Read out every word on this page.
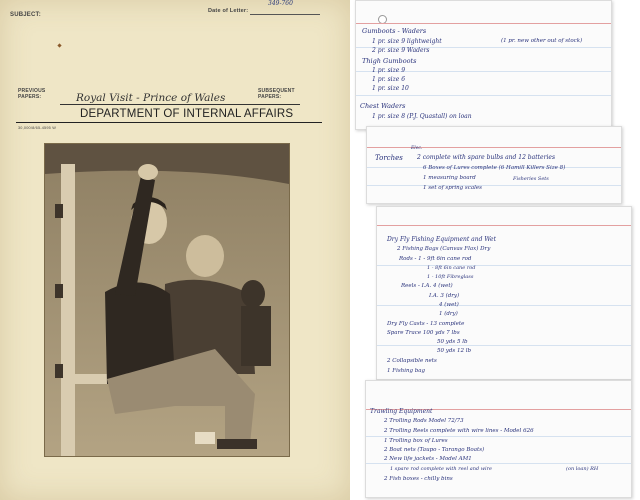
SUBJECT:
Date of Letter:
349-760
PREVIOUS PAPERS:
SUBSEQUENT PAPERS:
Royal Visit - Prince of Wales
DEPARTMENT OF INTERNAL AFFAIRS
30,000/8/65-4595 W
Gumboots - Waders
1 pr. size 9 lightweight
2 pr. size 9 Waders
(1 pr. new other out of stock)
Thigh Gumboots
1 pr. size 9
1 pr. size 6
1 pr. size 10
Chest Waders
1 pr. size 8 (P.J. Quastall) on loan
Torches
Elec.
2 complete with spare bulbs and 12 batteries
6 Boxes of Lures complete (6 Hamill Killers Size 8)
1 measuring board
1 set of spring scales
Fisheries Sets
Dry Fly Fishing Equipment and Wet
2 Fishing Bags (Canvas Flax) Dry
Rods - 1 - 9ft 6in cane rod
1 - 8ft 6in cane rod
1 - 10ft Fibreglass
Reels - I.A. 4 (wet)
I.A. 3 (dry)
4 (wet)
1 (dry)
Dry Fly Casts - 13 complete
Spare Trace 100 yds 7 lbs
50 yds 5 lb
50 yds 12 lb
2 Collapsible nets
1 Fishing bag
Trawling Equipment
2 Trolling Rods Model 72/73
2 Trolling Reels complete with wire lines - Model 626
1 Trolling box of Lures
2 Boat nets (Taupo - Tarango Boats)
2 New life jackets - Model AM1
1 spare rod complete with reel and wire	(on loan) RH
2 Fish boxes - chilly bins
